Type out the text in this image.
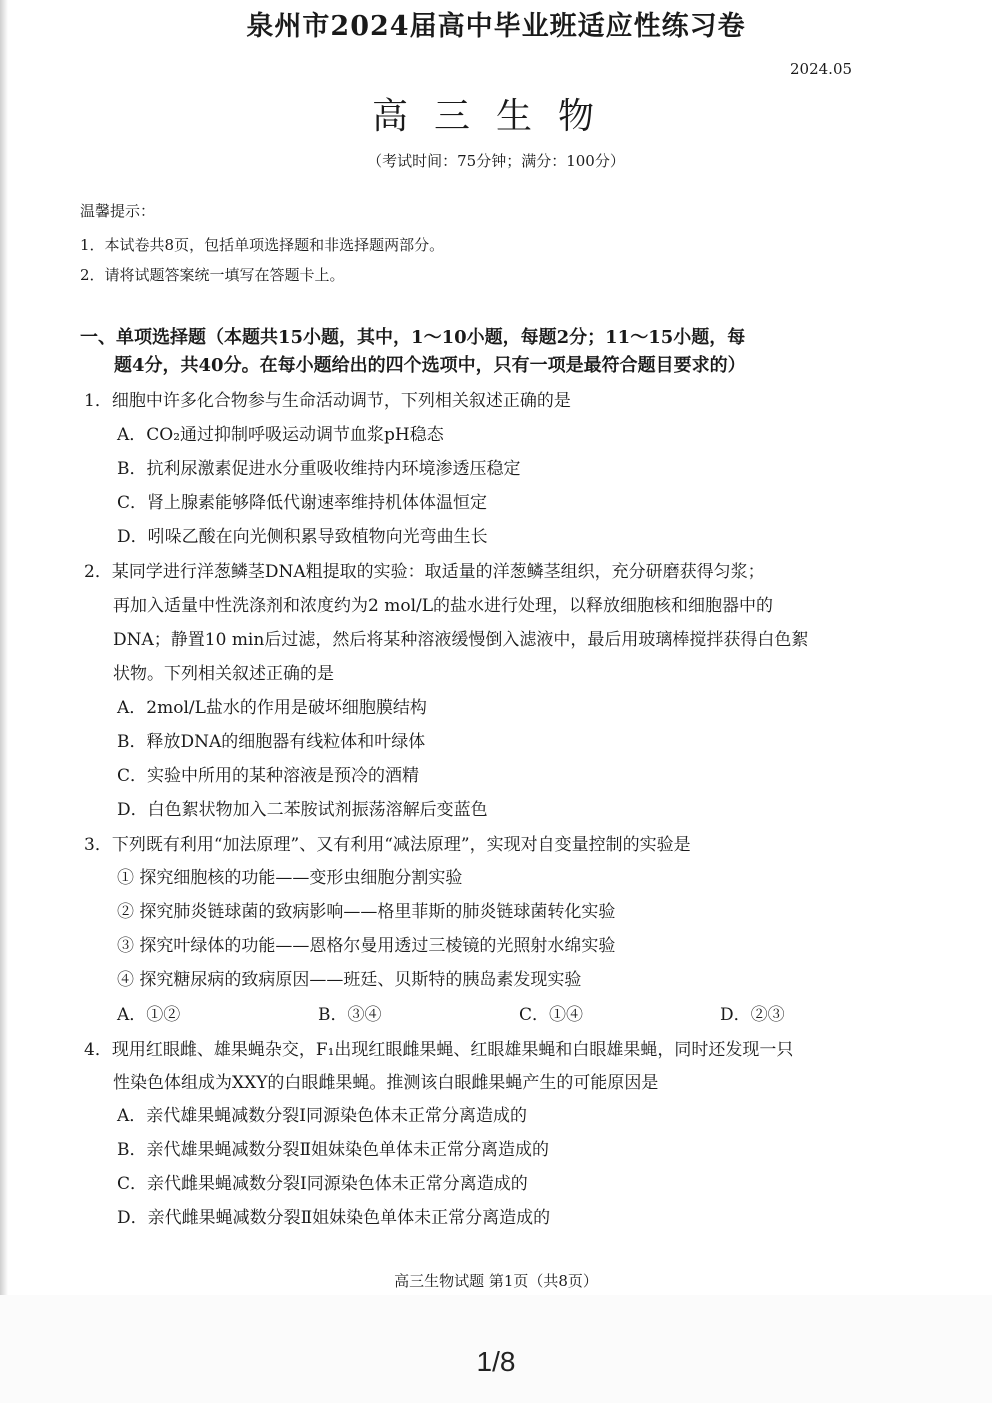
泉州市2024届高中毕业班适应性练习卷
2024.05
高三生物
（考试时间：75分钟；满分：100分）
温馨提示：
1．本试卷共8页，包括单项选择题和非选择题两部分。
2．请将试题答案统一填写在答题卡上。
一、单项选择题（本题共15小题，其中，1～10小题，每题2分；11～15小题，每
题4分，共40分。在每小题给出的四个选项中，只有一项是最符合题目要求的）
1．细胞中许多化合物参与生命活动调节，下列相关叙述正确的是
A．CO₂通过抑制呼吸运动调节血浆pH稳态
B．抗利尿激素促进水分重吸收维持内环境渗透压稳定
C．肾上腺素能够降低代谢速率维持机体体温恒定
D．吲哚乙酸在向光侧积累导致植物向光弯曲生长
2．某同学进行洋葱鳞茎DNA粗提取的实验：取适量的洋葱鳞茎组织，充分研磨获得匀浆；
再加入适量中性洗涤剂和浓度约为2 mol/L的盐水进行处理，以释放细胞核和细胞器中的
DNA；静置10 min后过滤，然后将某种溶液缓慢倒入滤液中，最后用玻璃棒搅拌获得白色絮
状物。下列相关叙述正确的是
A．2mol/L盐水的作用是破坏细胞膜结构
B．释放DNA的细胞器有线粒体和叶绿体
C．实验中所用的某种溶液是预冷的酒精
D．白色絮状物加入二苯胺试剂振荡溶解后变蓝色
3．下列既有利用“加法原理”、又有利用“减法原理”，实现对自变量控制的实验是
① 探究细胞核的功能——变形虫细胞分割实验
② 探究肺炎链球菌的致病影响——格里菲斯的肺炎链球菌转化实验
③ 探究叶绿体的功能——恩格尔曼用透过三棱镜的光照射水绵实验
④ 探究糖尿病的致病原因——班廷、贝斯特的胰岛素发现实验
A．①②	B．③④	C．①④	D．②③
4．现用红眼雌、雄果蝇杂交，F₁出现红眼雌果蝇、红眼雄果蝇和白眼雄果蝇，同时还发现一只
性染色体组成为XXY的白眼雌果蝇。推测该白眼雌果蝇产生的可能原因是
A．亲代雄果蝇减数分裂Ⅰ同源染色体未正常分离造成的
B．亲代雄果蝇减数分裂Ⅱ姐妹染色单体未正常分离造成的
C．亲代雌果蝇减数分裂Ⅰ同源染色体未正常分离造成的
D．亲代雌果蝇减数分裂Ⅱ姐妹染色单体未正常分离造成的
高三生物试题 第1页（共8页）
1/8
